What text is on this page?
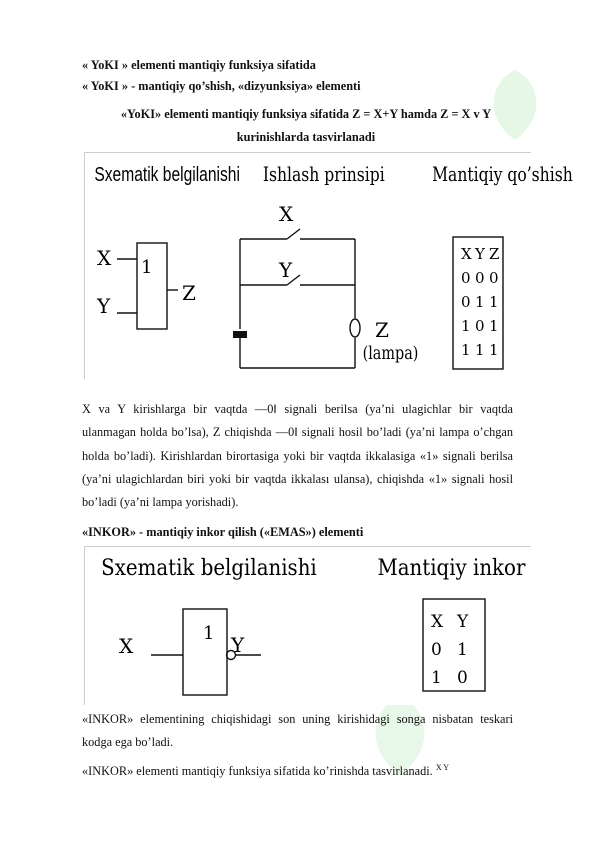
« YoKI » elementi mantiqiy funksiya sifatida
« YoKI » - mantiqiy qo’shish, «dizyunksiya» elementi
«YoKI» elementi mantiqiy funksiya sifatida Z = X+Y hamda Z = X v Y
kurinishlarda tasvirlanadi
Sxematik belgilanishi Ishlash prinsipi Mantiqiy qo’shish
1
X
Y
Z
X
Y
Z
(lampa)
X Y Z
0 0 0
0 1 1
1 0 1
1 1 1
X va Y kirishlarga bir vaqtda ―0‖ signali berilsa (ya’ni ulagichlar bir vaqtda ulanmagan holda bo’lsa), Z chiqishda ―0‖ signali hosil bo’ladi (ya’ni lampa o’chgan holda bo’ladi). Kirishlardan birortasiga yoki bir vaqtda ikkalasiga «1» signali berilsa (ya’ni ulagichlardan biri yoki bir vaqtda ikkalası ulansa), chiqishda «1» signali hosil bo’ladi (ya’ni lampa yorishadi).
«INKOR» - mantiqiy inkor qilish («EMAS») elementi
Sxematik belgilanishi	Mantiqiy inkor
1
X	Y
X Y
0 1
1 0
«INKOR» elementining chiqishidagi son uning kirishidagi songa nisbatan teskari kodga ega bo’ladi.
«INKOR» elementi mantiqiy funksiya sifatida ko’rinishda tasvirlanadi. $^{X Y}$
